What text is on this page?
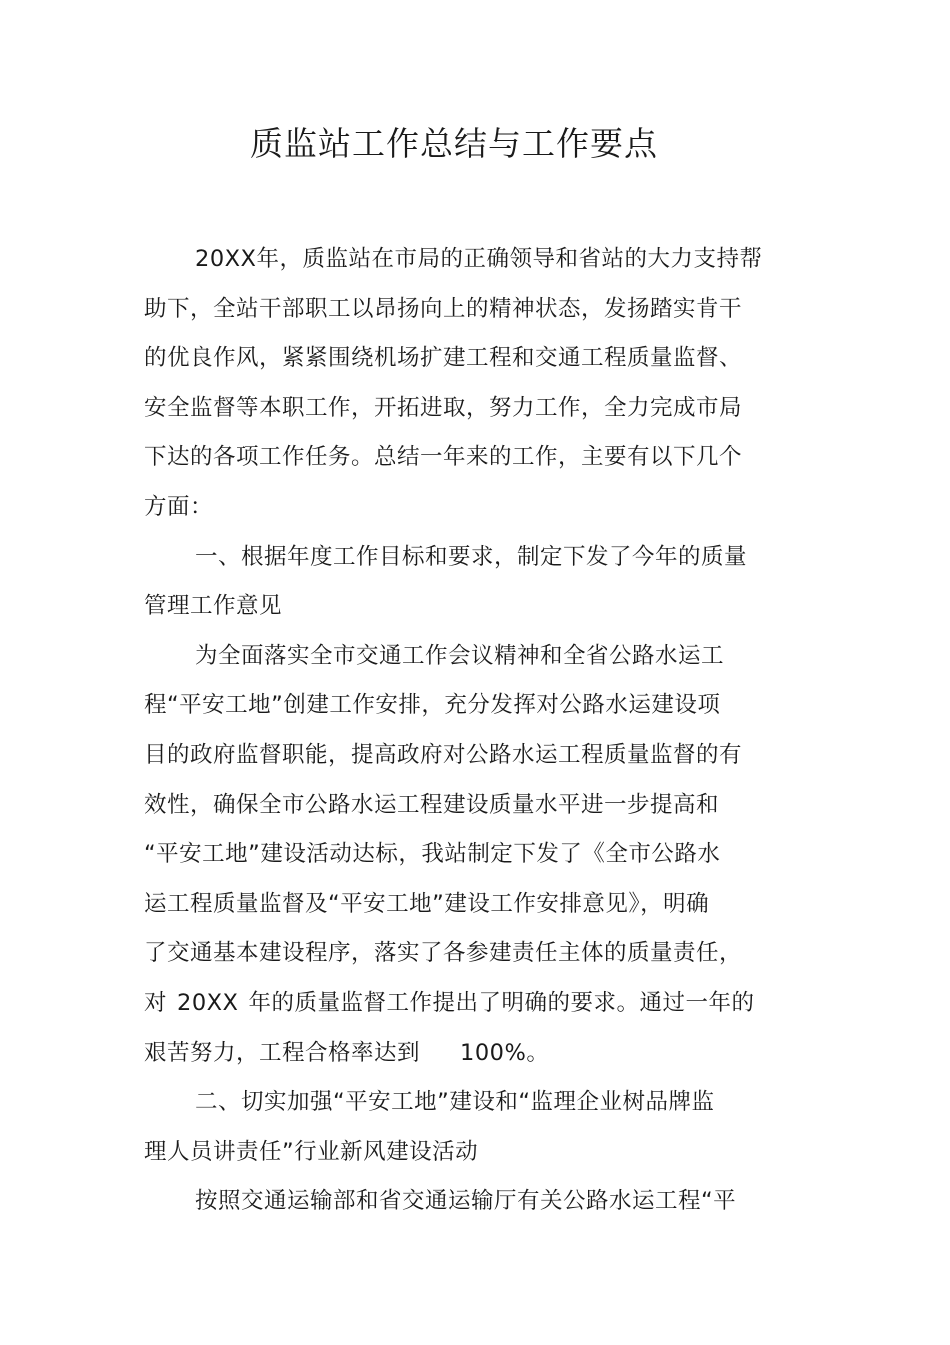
质监站工作总结与工作要点
20XX年，质监站在市局的正确领导和省站的大力支持帮
助下，全站干部职工以昂扬向上的精神状态，发扬踏实肯干
的优良作风，紧紧围绕机场扩建工程和交通工程质量监督、
安全监督等本职工作，开拓进取，努力工作，全力完成市局
下达的各项工作任务。总结一年来的工作，主要有以下几个
方面：
一、根据年度工作目标和要求，制定下发了今年的质量
管理工作意见
为全面落实全市交通工作会议精神和全省公路水运工
程“平安工地”创建工作安排，充分发挥对公路水运建设项
目的政府监督职能，提高政府对公路水运工程质量监督的有
效性，确保全市公路水运工程建设质量水平进一步提高和
“平安工地”建设活动达标，我站制定下发了《全市公路水
运工程质量监督及“平安工地”建设工作安排意见》，明确
了交通基本建设程序，落实了各参建责任主体的质量责任，
对 20XX 年的质量监督工作提出了明确的要求。通过一年的
艰苦努力，工程合格率达到 100%。
二、切实加强“平安工地”建设和“监理企业树品牌监
理人员讲责任”行业新风建设活动
按照交通运输部和省交通运输厅有关公路水运工程“平
